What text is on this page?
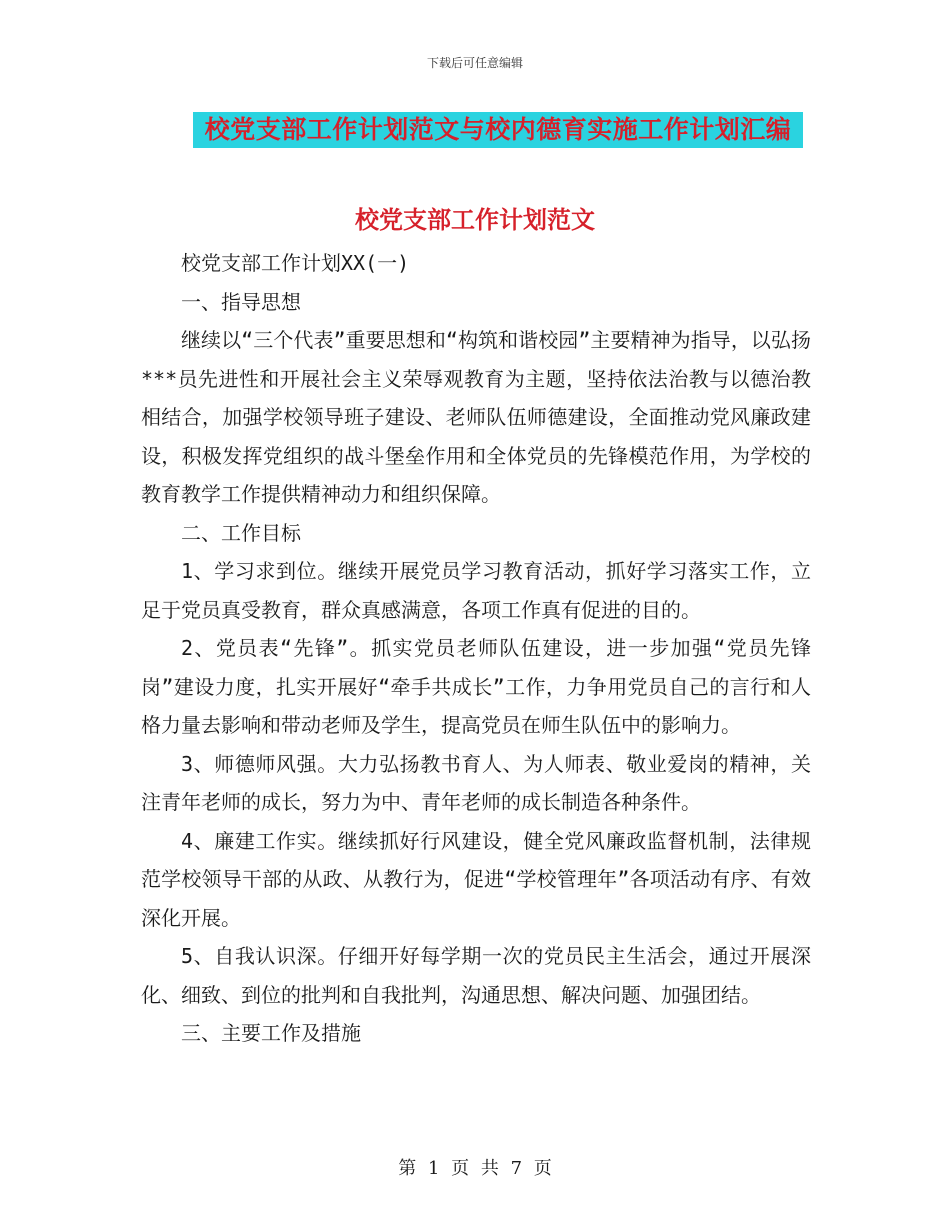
下载后可任意编辑
校党支部工作计划范文与校内德育实施工作计划汇编
校党支部工作计划范文

校党支部工作计划XX(一)

一、指导思想

继续以“三个代表”重要思想和“构筑和谐校园”主要精神为指导，以弘扬***员先进性和开展社会主义荣辱观教育为主题，坚持依法治教与以德治教相结合，加强学校领导班子建设、老师队伍师德建设，全面推动党风廉政建设，积极发挥党组织的战斗堡垒作用和全体党员的先锋模范作用，为学校的教育教学工作提供精神动力和组织保障。

二、工作目标

1、学习求到位。继续开展党员学习教育活动，抓好学习落实工作，立足于党员真受教育，群众真感满意，各项工作真有促进的目的。

2、党员表“先锋”。抓实党员老师队伍建设，进一步加强“党员先锋岗”建设力度，扎实开展好“牵手共成长”工作，力争用党员自己的言行和人格力量去影响和带动老师及学生，提高党员在师生队伍中的影响力。

3、师德师风强。大力弘扬教书育人、为人师表、敬业爱岗的精神，关注青年老师的成长，努力为中、青年老师的成长制造各种条件。

4、廉建工作实。继续抓好行风建设，健全党风廉政监督机制，法律规范学校领导干部的从政、从教行为，促进“学校管理年”各项活动有序、有效深化开展。

5、自我认识深。仔细开好每学期一次的党员民主生活会，通过开展深化、细致、到位的批判和自我批判，沟通思想、解决问题、加强团结。

三、主要工作及措施

第 1 页 共 7 页
